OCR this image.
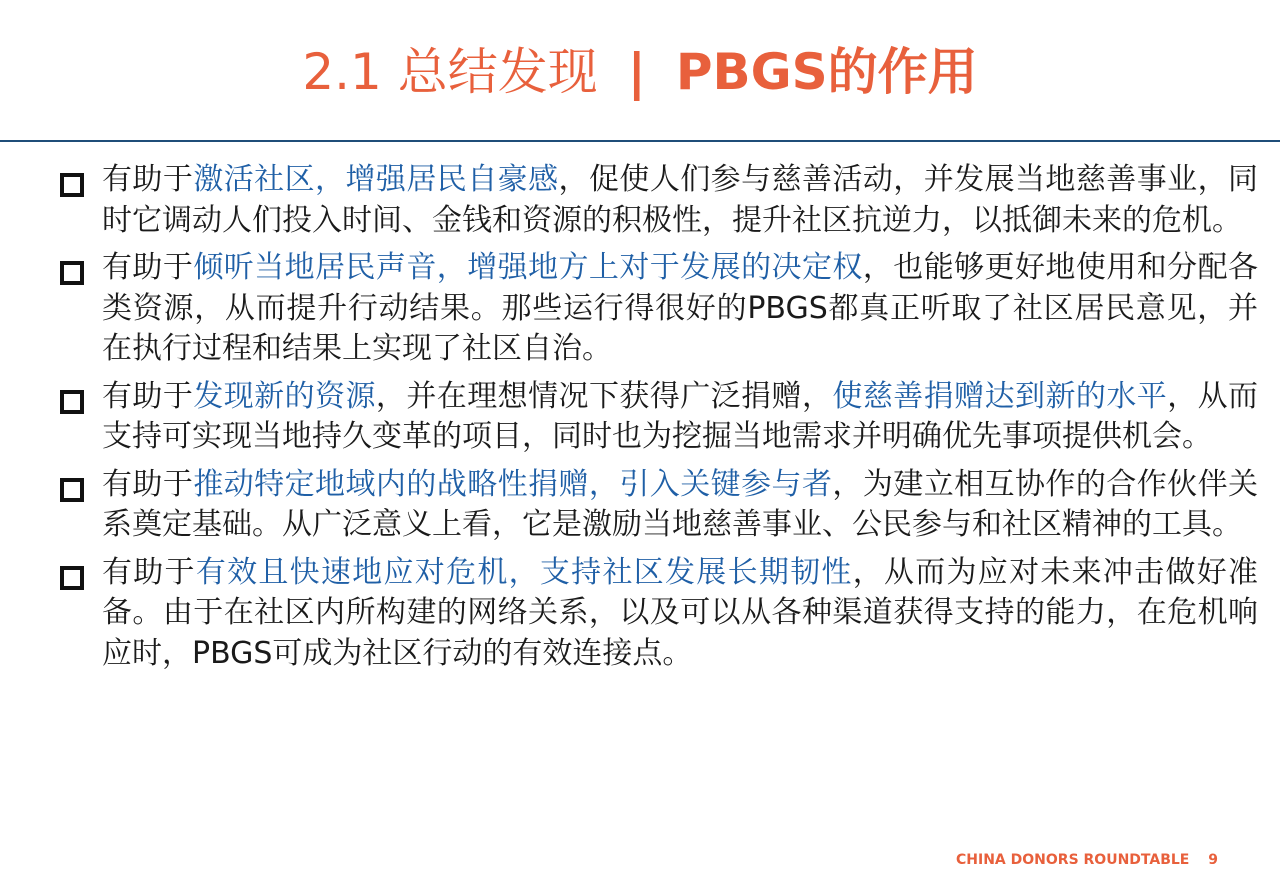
2.1 总结发现 | PBGS的作用
有助于激活社区，增强居民自豪感，促使人们参与慈善活动，并发展当地慈善事业，同时它调动人们投入时间、金钱和资源的积极性，提升社区抗逆力，以抵御未来的危机。
有助于倾听当地居民声音，增强地方上对于发展的决定权，也能够更好地使用和分配各类资源，从而提升行动结果。那些运行得很好的PBGS都真正听取了社区居民意见，并在执行过程和结果上实现了社区自治。
有助于发现新的资源，并在理想情况下获得广泛捐赠，使慈善捐赠达到新的水平，从而支持可实现当地持久变革的项目，同时也为挖掘当地需求并明确优先事项提供机会。
有助于推动特定地域内的战略性捐赠，引入关键参与者，为建立相互协作的合作伙伴关系奠定基础。从广泛意义上看，它是激励当地慈善事业、公民参与和社区精神的工具。
有助于有效且快速地应对危机，支持社区发展长期韧性，从而为应对未来冲击做好准备。由于在社区内所构建的网络关系，以及可以从各种渠道获得支持的能力，在危机响应时，PBGS可成为社区行动的有效连接点。
CHINA DONORS ROUNDTABLE 9
